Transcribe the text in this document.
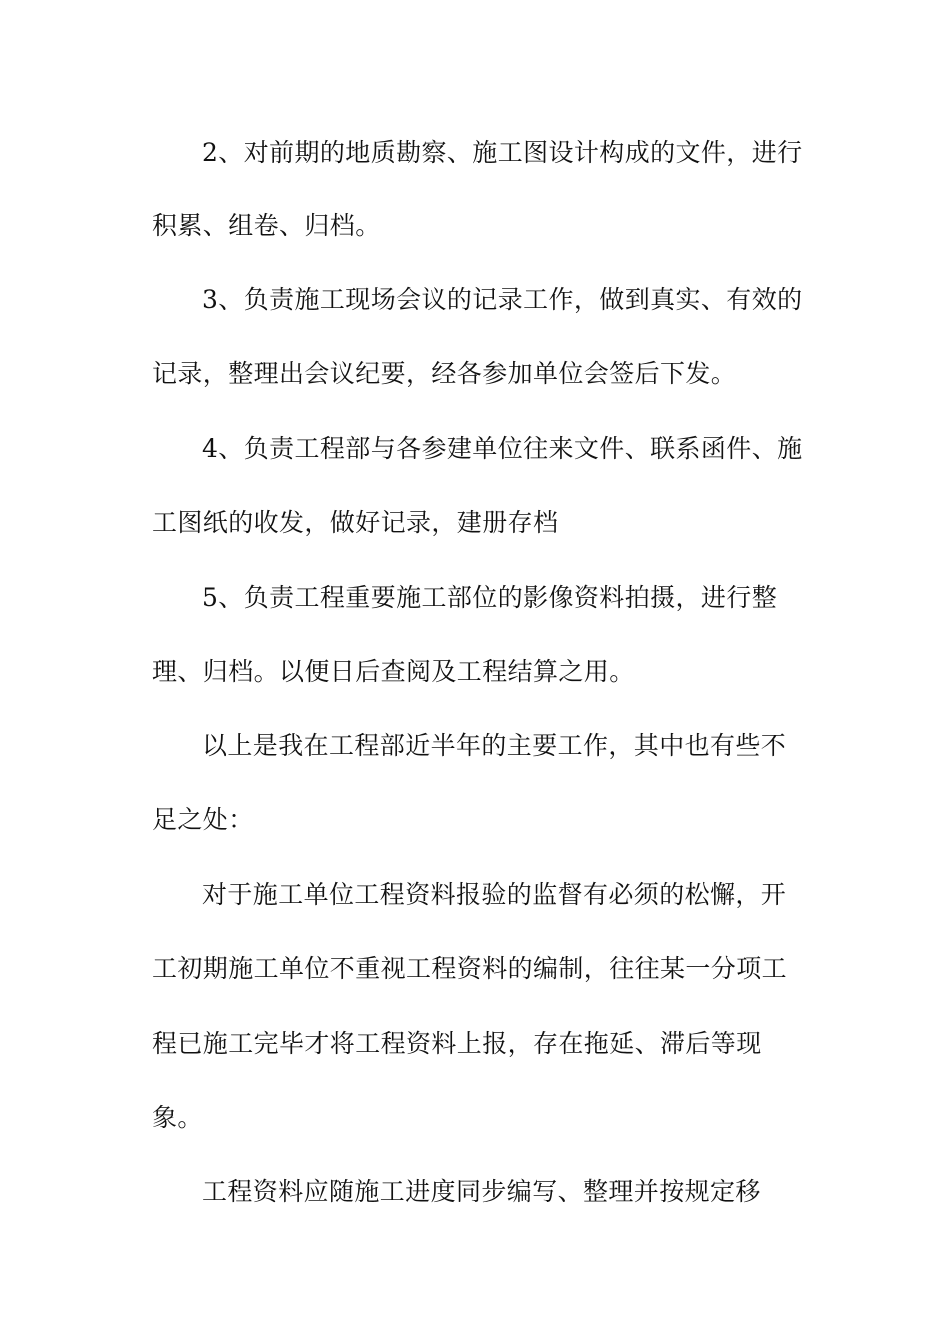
2、对前期的地质勘察、施工图设计构成的文件，进行
积累、组卷、归档。
3、负责施工现场会议的记录工作，做到真实、有效的
记录，整理出会议纪要，经各参加单位会签后下发。
4、负责工程部与各参建单位往来文件、联系函件、施
工图纸的收发，做好记录，建册存档
5、负责工程重要施工部位的影像资料拍摄，进行整
理、归档。以便日后查阅及工程结算之用。
以上是我在工程部近半年的主要工作，其中也有些不
足之处：
对于施工单位工程资料报验的监督有必须的松懈，开
工初期施工单位不重视工程资料的编制，往往某一分项工
程已施工完毕才将工程资料上报，存在拖延、滞后等现
象。
工程资料应随施工进度同步编写、整理并按规定移
